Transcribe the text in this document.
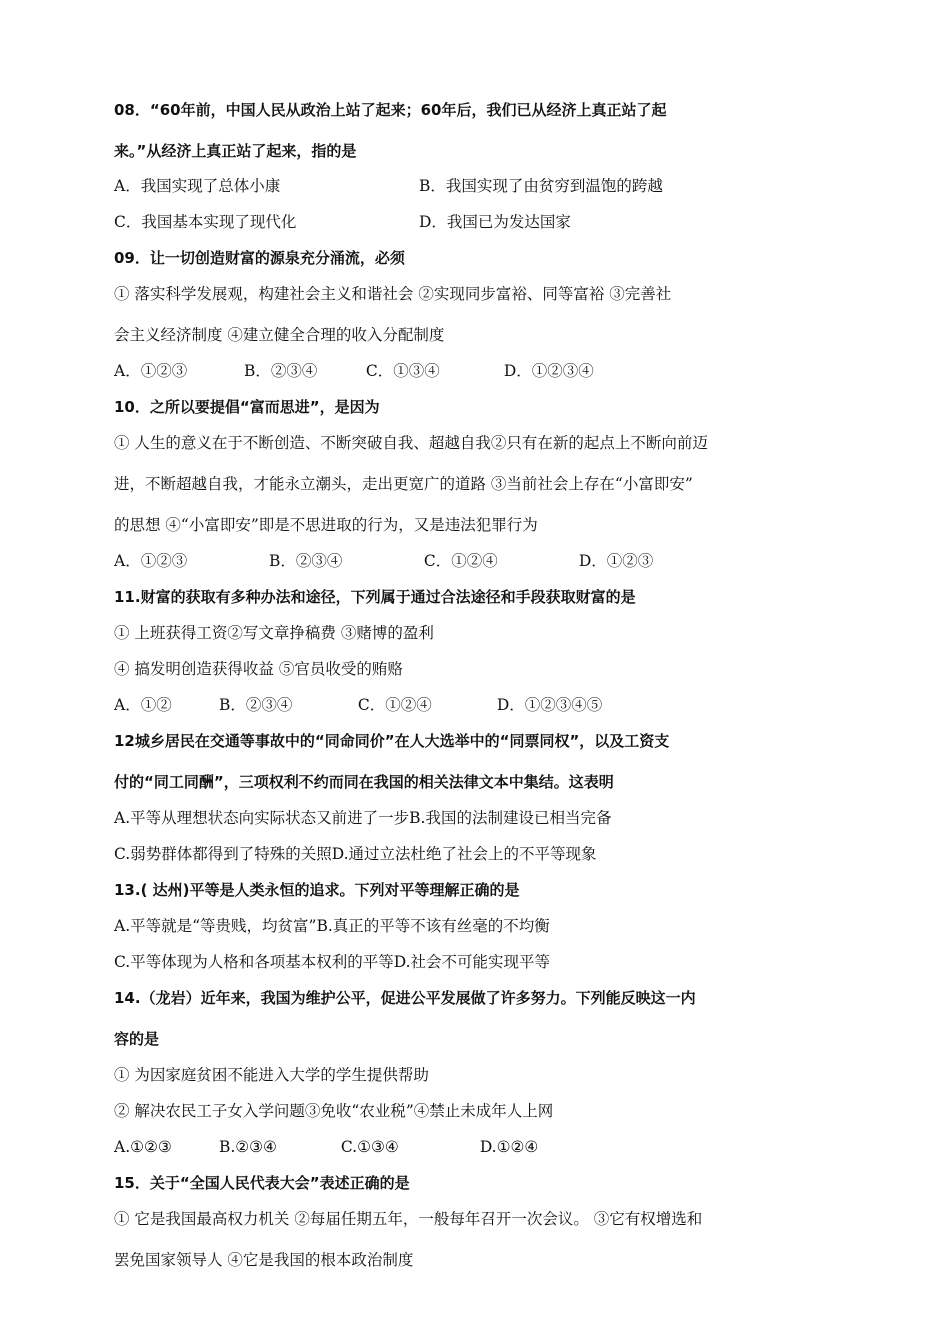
08．“60年前，中国人民从政治上站了起来；60年后，我们已从经济上真正站了起
来。”从经济上真正站了起来，指的是
A．我国实现了总体小康	B．我国实现了由贫穷到温饱的跨越
C．我国基本实现了现代化	D．我国已为发达国家
09．让一切创造财富的源泉充分涌流，必须
① 落实科学发展观，构建社会主义和谐社会 ②实现同步富裕、同等富裕 ③完善社
会主义经济制度 ④建立健全合理的收入分配制度
A．①②③	B．②③④	C．①③④	D．①②③④
10．之所以要提倡“富而思进”，是因为
① 人生的意义在于不断创造、不断突破自我、超越自我②只有在新的起点上不断向前迈
进，不断超越自我，才能永立潮头，走出更宽广的道路 ③当前社会上存在“小富即安”
的思想 ④“小富即安”即是不思进取的行为，又是违法犯罪行为
A．①②③	B．②③④	C．①②④	D．①②③
11.财富的获取有多种办法和途径，下列属于通过合法途径和手段获取财富的是
① 上班获得工资②写文章挣稿费 ③赌博的盈利
④ 搞发明创造获得收益 ⑤官员收受的贿赂
A．①②	B．②③④	C．①②④	D．①②③④⑤
12城乡居民在交通等事故中的“同命同价”在人大选举中的“同票同权”，以及工资支
付的“同工同酬”，三项权利不约而同在我国的相关法律文本中集结。这表明
A.平等从理想状态向实际状态又前进了一步B.我国的法制建设已相当完备
C.弱势群体都得到了特殊的关照D.通过立法杜绝了社会上的不平等现象
13.( 达州)平等是人类永恒的追求。下列对平等理解正确的是
A.平等就是“等贵贱，均贫富”B.真正的平等不该有丝毫的不均衡
C.平等体现为人格和各项基本权利的平等D.社会不可能实现平等
14.（龙岩）近年来，我国为维护公平，促进公平发展做了许多努力。下列能反映这一内
容的是
① 为因家庭贫困不能进入大学的学生提供帮助
② 解决农民工子女入学问题③免收“农业税”④禁止未成年人上网
A.①②③	B.②③④	C.①③④	D.①②④
15．关于“全国人民代表大会”表述正确的是
① 它是我国最高权力机关 ②每届任期五年，一般每年召开一次会议。 ③它有权增选和
罢免国家领导人 ④它是我国的根本政治制度
